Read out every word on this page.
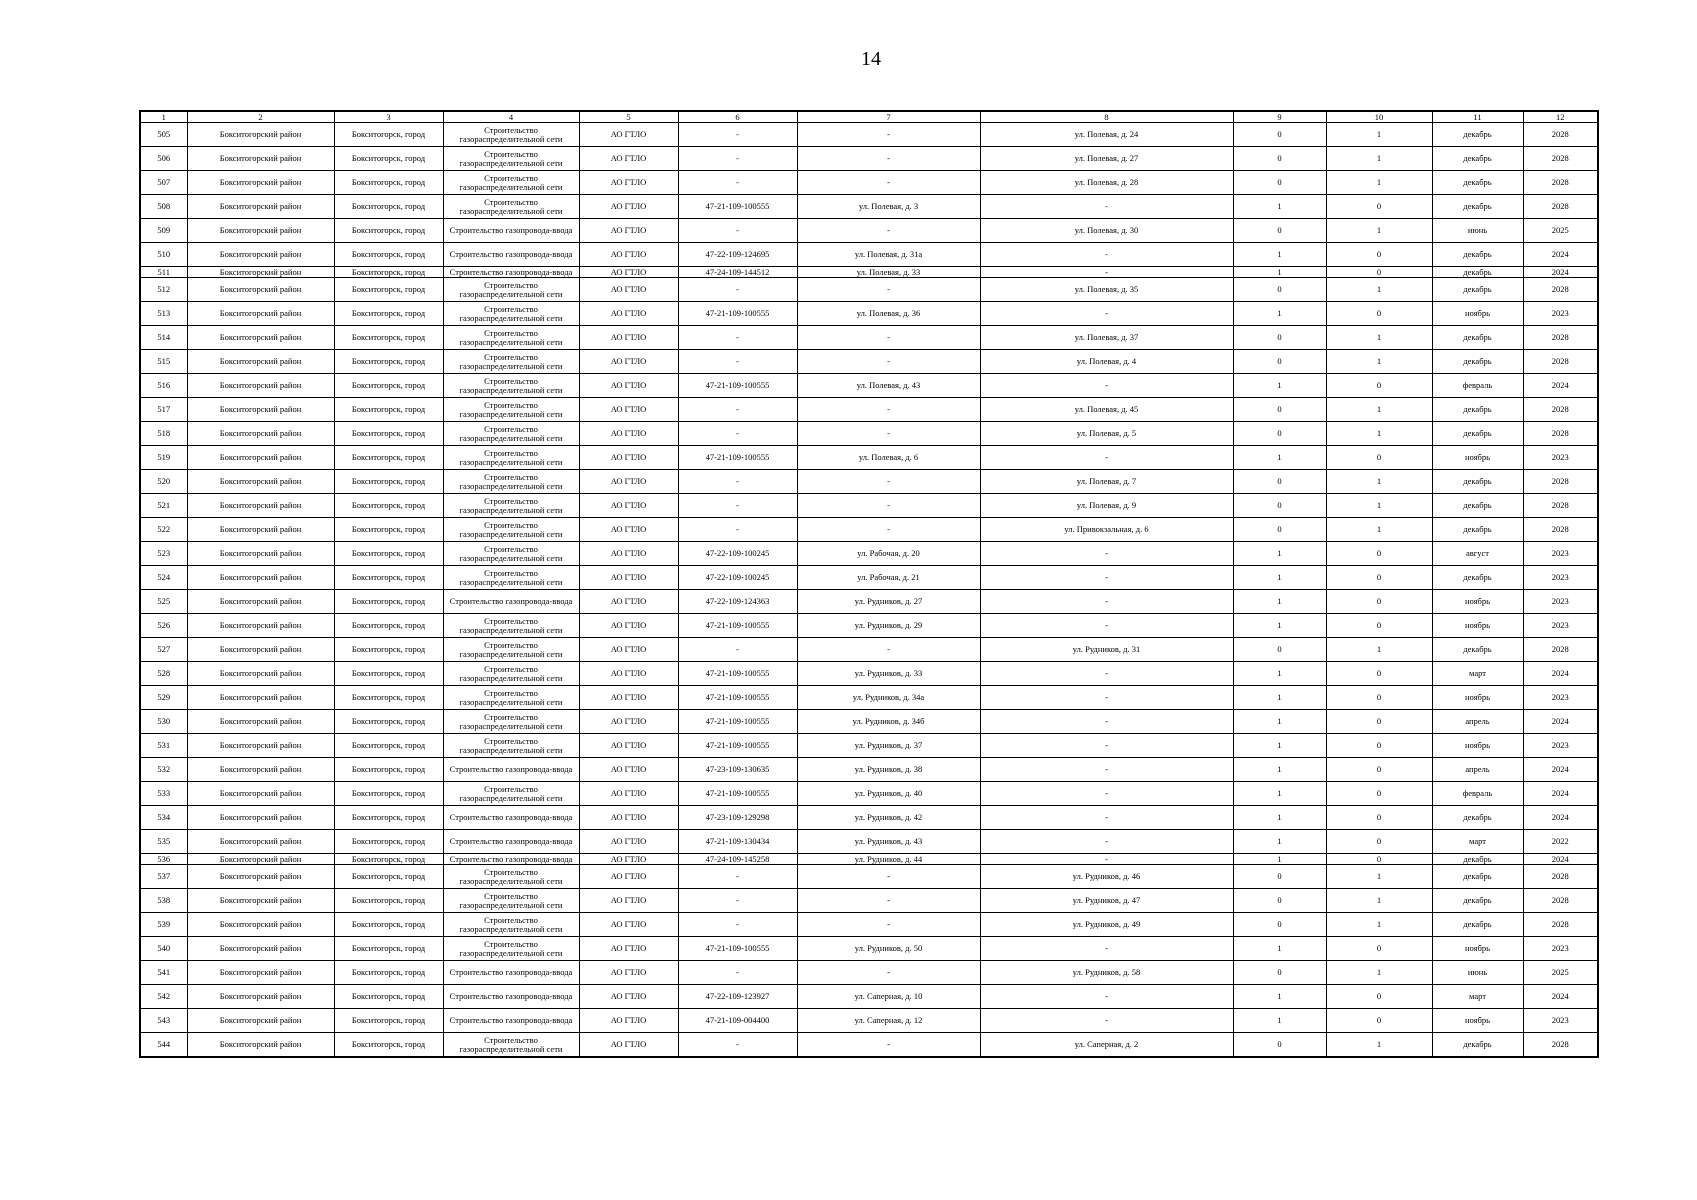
14
1	2	3	4	5	6	7	8	9	10	11	12
505	Бокситогорский район	Бокситогорск, город	Строительство газораспределительной сети	АО ГТЛО	-	-	ул. Полевая, д. 24	0	1	декабрь	2028
506	Бокситогорский район	Бокситогорск, город	Строительство газораспределительной сети	АО ГТЛО	-	-	ул. Полевая, д. 27	0	1	декабрь	2028
507	Бокситогорский район	Бокситогорск, город	Строительство газораспределительной сети	АО ГТЛО	-	-	ул. Полевая, д. 28	0	1	декабрь	2028
508	Бокситогорский район	Бокситогорск, город	Строительство газораспределительной сети	АО ГТЛО	47-21-109-100555	ул. Полевая, д. 3	-	1	0	декабрь	2028
509	Бокситогорский район	Бокситогорск, город	Строительство газопровода-ввода	АО ГТЛО	-	-	ул. Полевая, д. 30	0	1	июнь	2025
510	Бокситогорский район	Бокситогорск, город	Строительство газопровода-ввода	АО ГТЛО	47-22-109-124695	ул. Полевая, д. 31а	-	1	0	декабрь	2024
511	Бокситогорский район	Бокситогорск, город	Строительство газопровода-ввода	АО ГТЛО	47-24-109-144512	ул. Полевая, д. 33	-	1	0	декабрь	2024
512	Бокситогорский район	Бокситогорск, город	Строительство газораспределительной сети	АО ГТЛО	-	-	ул. Полевая, д. 35	0	1	декабрь	2028
513	Бокситогорский район	Бокситогорск, город	Строительство газораспределительной сети	АО ГТЛО	47-21-109-100555	ул. Полевая, д. 36	-	1	0	ноябрь	2023
514	Бокситогорский район	Бокситогорск, город	Строительство газораспределительной сети	АО ГТЛО	-	-	ул. Полевая, д. 37	0	1	декабрь	2028
515	Бокситогорский район	Бокситогорск, город	Строительство газораспределительной сети	АО ГТЛО	-	-	ул. Полевая, д. 4	0	1	декабрь	2028
516	Бокситогорский район	Бокситогорск, город	Строительство газораспределительной сети	АО ГТЛО	47-21-109-100555	ул. Полевая, д. 43	-	1	0	февраль	2024
517	Бокситогорский район	Бокситогорск, город	Строительство газораспределительной сети	АО ГТЛО	-	-	ул. Полевая, д. 45	0	1	декабрь	2028
518	Бокситогорский район	Бокситогорск, город	Строительство газораспределительной сети	АО ГТЛО	-	-	ул. Полевая, д. 5	0	1	декабрь	2028
519	Бокситогорский район	Бокситогорск, город	Строительство газораспределительной сети	АО ГТЛО	47-21-109-100555	ул. Полевая, д. 6	-	1	0	ноябрь	2023
520	Бокситогорский район	Бокситогорск, город	Строительство газораспределительной сети	АО ГТЛО	-	-	ул. Полевая, д. 7	0	1	декабрь	2028
521	Бокситогорский район	Бокситогорск, город	Строительство газораспределительной сети	АО ГТЛО	-	-	ул. Полевая, д. 9	0	1	декабрь	2028
522	Бокситогорский район	Бокситогорск, город	Строительство газораспределительной сети	АО ГТЛО	-	-	ул. Привокзальная, д. 6	0	1	декабрь	2028
523	Бокситогорский район	Бокситогорск, город	Строительство газораспределительной сети	АО ГТЛО	47-22-109-100245	ул. Рабочая, д. 20	-	1	0	август	2023
524	Бокситогорский район	Бокситогорск, город	Строительство газораспределительной сети	АО ГТЛО	47-22-109-100245	ул. Рабочая, д. 21	-	1	0	декабрь	2023
525	Бокситогорский район	Бокситогорск, город	Строительство газопровода-ввода	АО ГТЛО	47-22-109-124363	ул. Рудников, д. 27	-	1	0	ноябрь	2023
526	Бокситогорский район	Бокситогорск, город	Строительство газораспределительной сети	АО ГТЛО	47-21-109-100555	ул. Рудников, д. 29	-	1	0	ноябрь	2023
527	Бокситогорский район	Бокситогорск, город	Строительство газораспределительной сети	АО ГТЛО	-	-	ул. Рудников, д. 31	0	1	декабрь	2028
528	Бокситогорский район	Бокситогорск, город	Строительство газораспределительной сети	АО ГТЛО	47-21-109-100555	ул. Рудников, д. 33	-	1	0	март	2024
529	Бокситогорский район	Бокситогорск, город	Строительство газораспределительной сети	АО ГТЛО	47-21-109-100555	ул. Рудников, д. 34а	-	1	0	ноябрь	2023
530	Бокситогорский район	Бокситогорск, город	Строительство газораспределительной сети	АО ГТЛО	47-21-109-100555	ул. Рудников, д. 34б	-	1	0	апрель	2024
531	Бокситогорский район	Бокситогорск, город	Строительство газораспределительной сети	АО ГТЛО	47-21-109-100555	ул. Рудников, д. 37	-	1	0	ноябрь	2023
532	Бокситогорский район	Бокситогорск, город	Строительство газопровода-ввода	АО ГТЛО	47-23-109-130635	ул. Рудников, д. 38	-	1	0	апрель	2024
533	Бокситогорский район	Бокситогорск, город	Строительство газораспределительной сети	АО ГТЛО	47-21-109-100555	ул. Рудников, д. 40	-	1	0	февраль	2024
534	Бокситогорский район	Бокситогорск, город	Строительство газопровода-ввода	АО ГТЛО	47-23-109-129298	ул. Рудников, д. 42	-	1	0	декабрь	2024
535	Бокситогорский район	Бокситогорск, город	Строительство газопровода-ввода	АО ГТЛО	47-21-109-130434	ул. Рудников, д. 43	-	1	0	март	2022
536	Бокситогорский район	Бокситогорск, город	Строительство газопровода-ввода	АО ГТЛО	47-24-109-145258	ул. Рудников, д. 44	-	1	0	декабрь	2024
537	Бокситогорский район	Бокситогорск, город	Строительство газораспределительной сети	АО ГТЛО	-	-	ул. Рудников, д. 46	0	1	декабрь	2028
538	Бокситогорский район	Бокситогорск, город	Строительство газораспределительной сети	АО ГТЛО	-	-	ул. Рудников, д. 47	0	1	декабрь	2028
539	Бокситогорский район	Бокситогорск, город	Строительство газораспределительной сети	АО ГТЛО	-	-	ул. Рудников, д. 49	0	1	декабрь	2028
540	Бокситогорский район	Бокситогорск, город	Строительство газораспределительной сети	АО ГТЛО	47-21-109-100555	ул. Рудников, д. 50	-	1	0	ноябрь	2023
541	Бокситогорский район	Бокситогорск, город	Строительство газопровода-ввода	АО ГТЛО	-	-	ул. Рудников, д. 58	0	1	июнь	2025
542	Бокситогорский район	Бокситогорск, город	Строительство газопровода-ввода	АО ГТЛО	47-22-109-123927	ул. Саперная, д. 10	-	1	0	март	2024
543	Бокситогорский район	Бокситогорск, город	Строительство газопровода-ввода	АО ГТЛО	47-21-109-004400	ул. Саперная, д. 12	-	1	0	ноябрь	2023
544	Бокситогорский район	Бокситогорск, город	Строительство газораспределительной сети	АО ГТЛО	-	-	ул. Саперная, д. 2	0	1	декабрь	2028
